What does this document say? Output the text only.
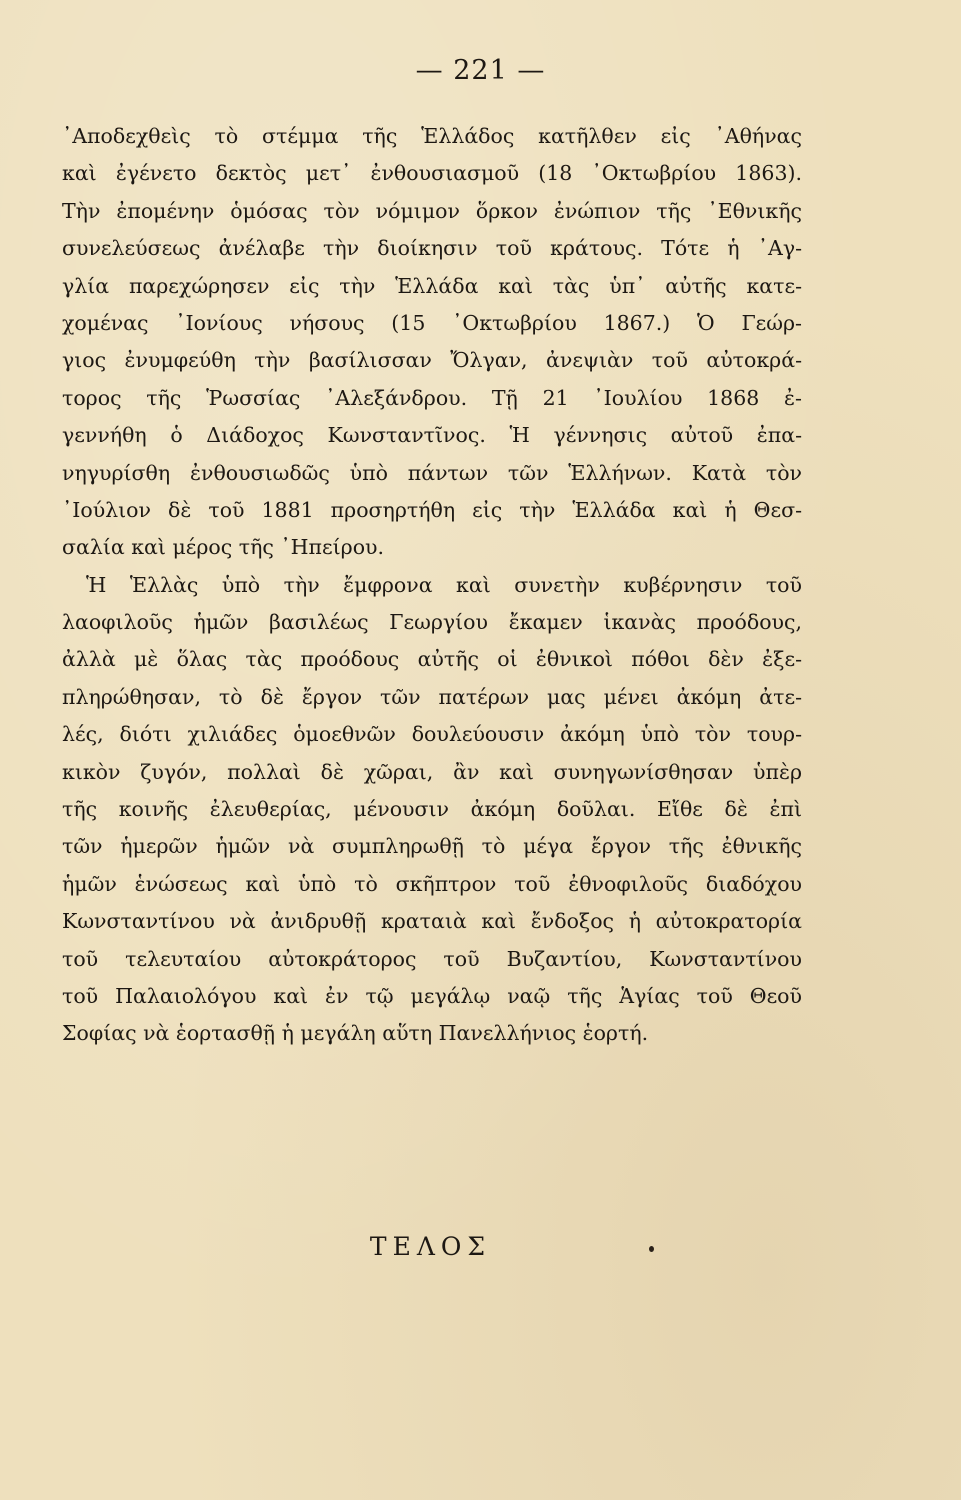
— 221 —
᾿Αποδεχθεὶς τὸ στέμμα τῆς Ἑλλάδος κατῆλθεν εἰς ᾿Αθήνας
καὶ ἐγένετο δεκτὸς μετ᾿ ἐνθουσιασμοῦ (18 ᾿Οκτωβρίου 1863).
Τὴν ἐπομένην ὁμόσας τὸν νόμιμον ὅρκον ἐνώπιον τῆς ᾿Εθνικῆς
συνελεύσεως ἀνέλαβε τὴν διοίκησιν τοῦ κράτους. Τότε ἡ ᾿Αγ-
γλία παρεχώρησεν εἰς τὴν Ἑλλάδα καὶ τὰς ὑπ᾿ αὐτῆς κατε-
χομένας ᾿Ιονίους νήσους (15 ᾿Οκτωβρίου 1867.) Ὁ Γεώρ-
γιος ἐνυμφεύθη τὴν βασίλισσαν Ὄλγαν, ἀνεψιὰν τοῦ αὐτοκρά-
τορος τῆς Ῥωσσίας ᾿Αλεξάνδρου. Τῇ 21 ᾿Ιουλίου 1868 ἐ-
γεννήθη ὁ Διάδοχος Κωνσταντῖνος. Ἡ γέννησις αὐτοῦ ἐπα-
νηγυρίσθη ἐνθουσιωδῶς ὑπὸ πάντων τῶν Ἑλλήνων. Κατὰ τὸν
᾿Ιούλιον δὲ τοῦ 1881 προσηρτήθη εἰς τὴν Ἑλλάδα καὶ ἡ Θεσ-
σαλία καὶ μέρος τῆς ᾿Ηπείρου.
Ἡ Ἑλλὰς ὑπὸ τὴν ἔμφρονα καὶ συνετὴν κυβέρνησιν τοῦ
λαοφιλοῦς ἡμῶν βασιλέως Γεωργίου ἔκαμεν ἱκανὰς προόδους,
ἀλλὰ μὲ ὅλας τὰς προόδους αὐτῆς οἱ ἐθνικοὶ πόθοι δὲν ἐξε-
πληρώθησαν, τὸ δὲ ἔργον τῶν πατέρων μας μένει ἀκόμη ἀτε-
λές, διότι χιλιάδες ὁμοεθνῶν δουλεύουσιν ἀκόμη ὑπὸ τὸν τουρ-
κικὸν ζυγόν, πολλαὶ δὲ χῶραι, ἂν καὶ συνηγωνίσθησαν ὑπὲρ
τῆς κοινῆς ἐλευθερίας, μένουσιν ἀκόμη δοῦλαι. Εἴθε δὲ ἐπὶ
τῶν ἡμερῶν ἡμῶν νὰ συμπληρωθῇ τὸ μέγα ἔργον τῆς ἐθνικῆς
ἡμῶν ἑνώσεως καὶ ὑπὸ τὸ σκῆπτρον τοῦ ἐθνοφιλοῦς διαδόχου
Κωνσταντίνου νὰ ἀνιδρυθῇ κραταιὰ καὶ ἔνδοξος ἡ αὐτοκρατορία
τοῦ τελευταίου αὐτοκράτορος τοῦ Βυζαντίου, Κωνσταντίνου
τοῦ Παλαιολόγου καὶ ἐν τῷ μεγάλῳ ναῷ τῆς Ἁγίας τοῦ Θεοῦ
Σοφίας νὰ ἑορτασθῇ ἡ μεγάλη αὕτη Πανελλήνιος ἑορτή.
ΤΕΛΟΣ
